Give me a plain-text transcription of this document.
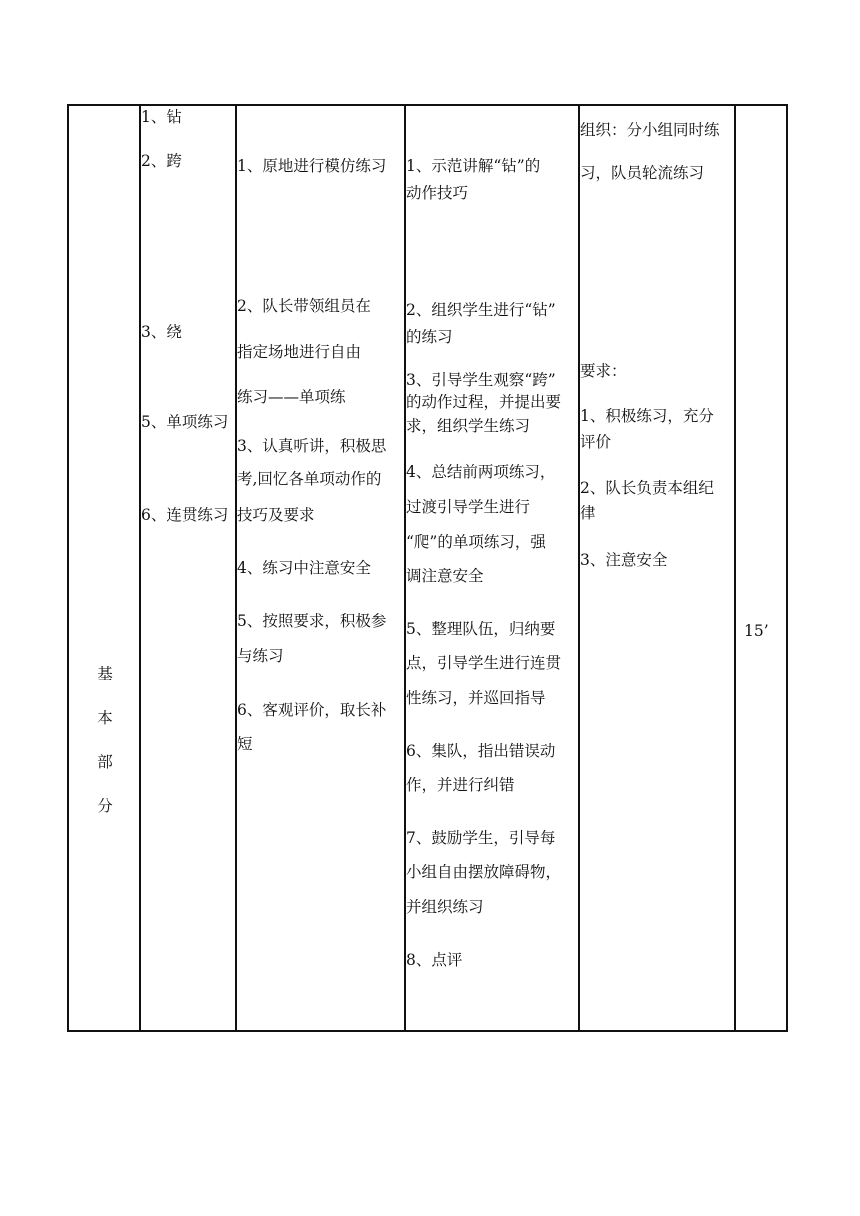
基
本
部
分
1、钻
2、跨
3、绕
5、单项练习
6、连贯练习
1、原地进行模仿练习
2、队长带领组员在
指定场地进行自由
练习——单项练
3、认真听讲，积极思
考,回忆各单项动作的
技巧及要求
4、练习中注意安全
5、按照要求，积极参
与练习
6、客观评价，取长补
短
1、示范讲解“钻”的
动作技巧
2、组织学生进行“钻”
的练习
3、引导学生观察“跨”
的动作过程，并提出要
求，组织学生练习
4、总结前两项练习，
过渡引导学生进行
“爬”的单项练习，强
调注意安全
5、整理队伍，归纳要
点，引导学生进行连贯
性练习，并巡回指导
6、集队，指出错误动
作，并进行纠错
7、鼓励学生，引导每
小组自由摆放障碍物，
并组织练习
8、点评
组织：分小组同时练
习，队员轮流练习
要求：
1、积极练习，充分
评价
2、队长负责本组纪
律
3、注意安全
15’
